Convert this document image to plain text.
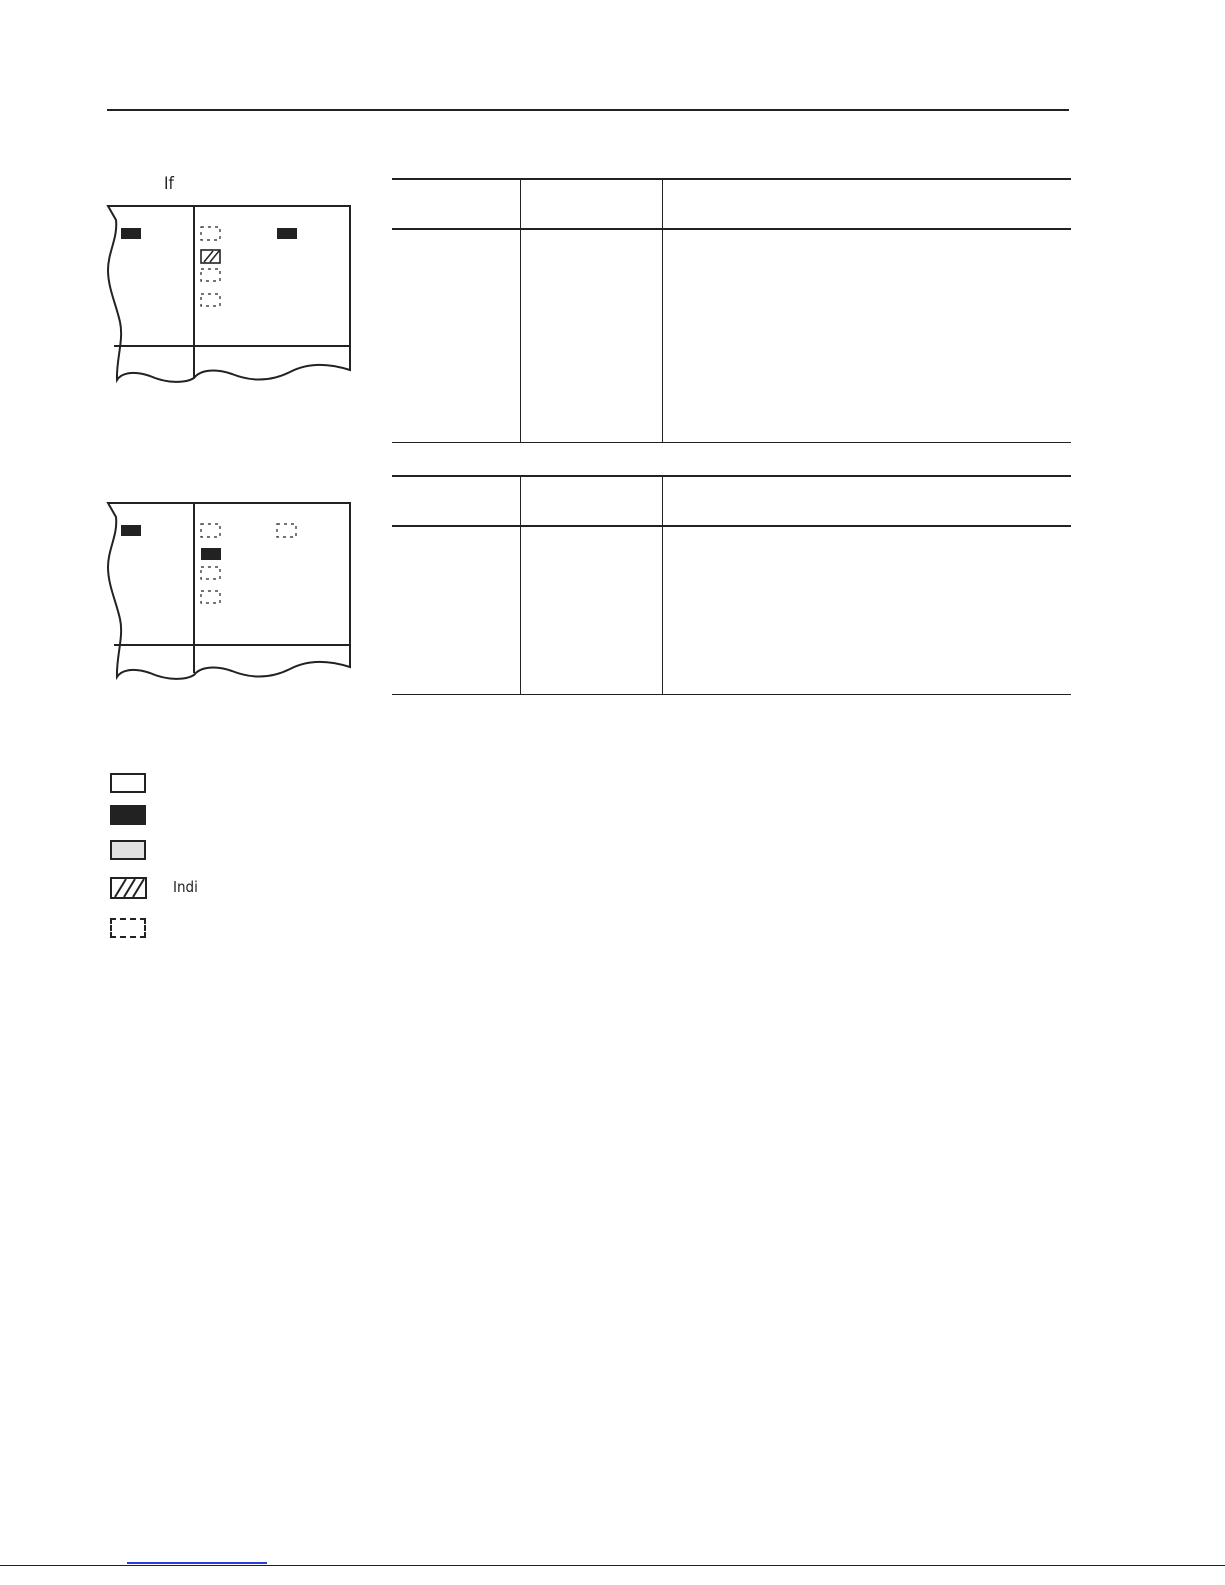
If
Indi
